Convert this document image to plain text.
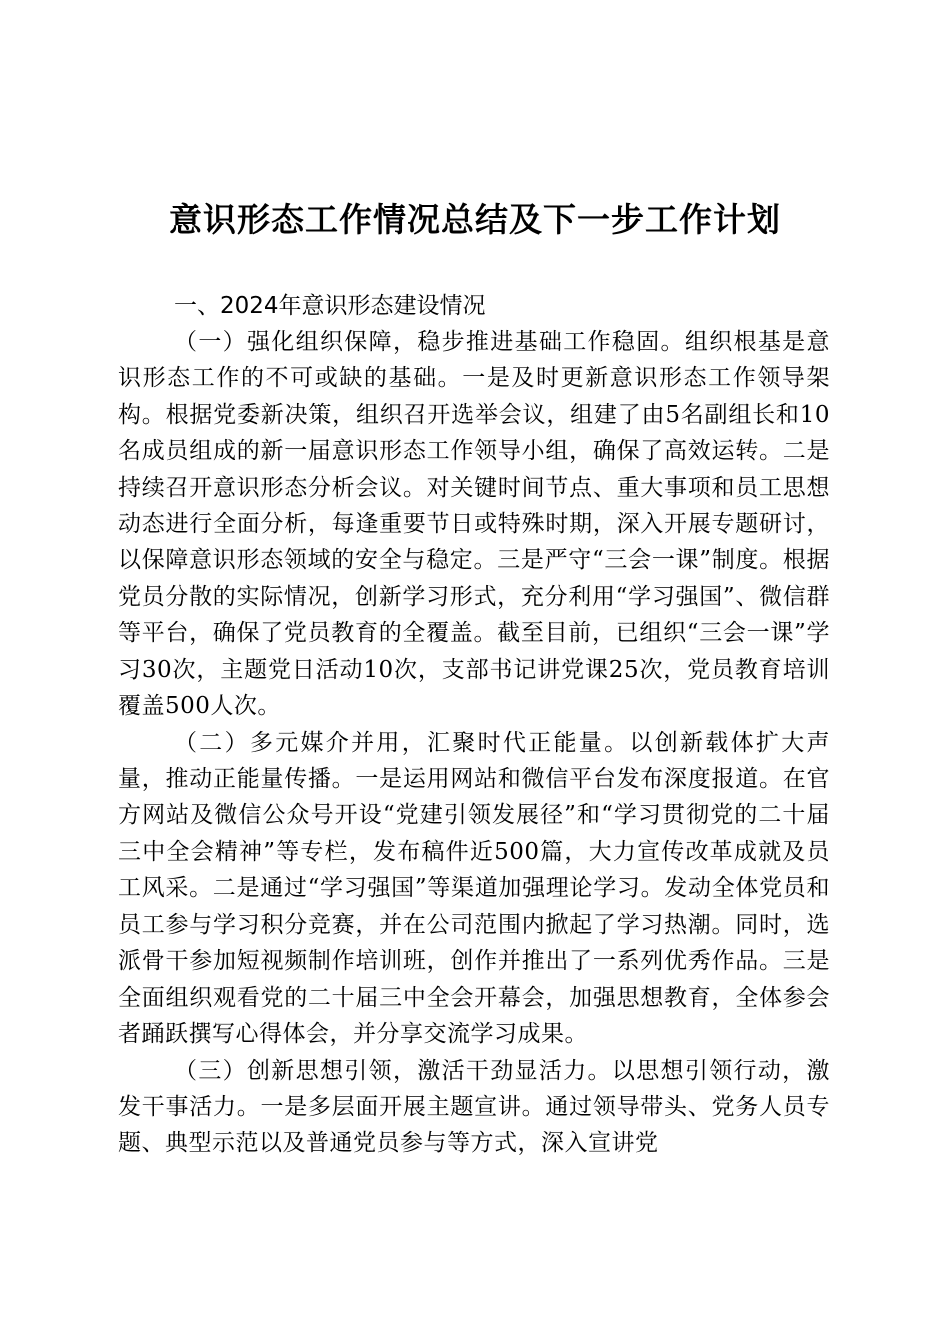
意识形态工作情况总结及下一步工作计划
一、2024年意识形态建设情况

（一）强化组织保障，稳步推进基础工作稳固。组织根基是意识形态工作的不可或缺的基础。一是及时更新意识形态工作领导架构。根据党委新决策，组织召开选举会议，组建了由5名副组长和10名成员组成的新一届意识形态工作领导小组，确保了高效运转。二是持续召开意识形态分析会议。对关键时间节点、重大事项和员工思想动态进行全面分析，每逢重要节日或特殊时期，深入开展专题研讨，以保障意识形态领域的安全与稳定。三是严守“三会一课”制度。根据党员分散的实际情况，创新学习形式，充分利用“学习强国”、微信群等平台，确保了党员教育的全覆盖。截至目前，已组织“三会一课”学习30次，主题党日活动10次，支部书记讲党课25次，党员教育培训覆盖500人次。

（二）多元媒介并用，汇聚时代正能量。以创新载体扩大声量，推动正能量传播。一是运用网站和微信平台发布深度报道。在官方网站及微信公众号开设“党建引领发展径”和“学习贯彻党的二十届三中全会精神”等专栏，发布稿件近500篇，大力宣传改革成就及员工风采。二是通过“学习强国”等渠道加强理论学习。发动全体党员和员工参与学习积分竞赛，并在公司范围内掀起了学习热潮。同时，选派骨干参加短视频制作培训班，创作并推出了一系列优秀作品。三是全面组织观看党的二十届三中全会开幕会，加强思想教育，全体参会者踊跃撰写心得体会，并分享交流学习成果。

（三）创新思想引领，激活干劲显活力。以思想引领行动，激发干事活力。一是多层面开展主题宣讲。通过领导带头、党务人员专题、典型示范以及普通党员参与等方式，深入宣讲党
